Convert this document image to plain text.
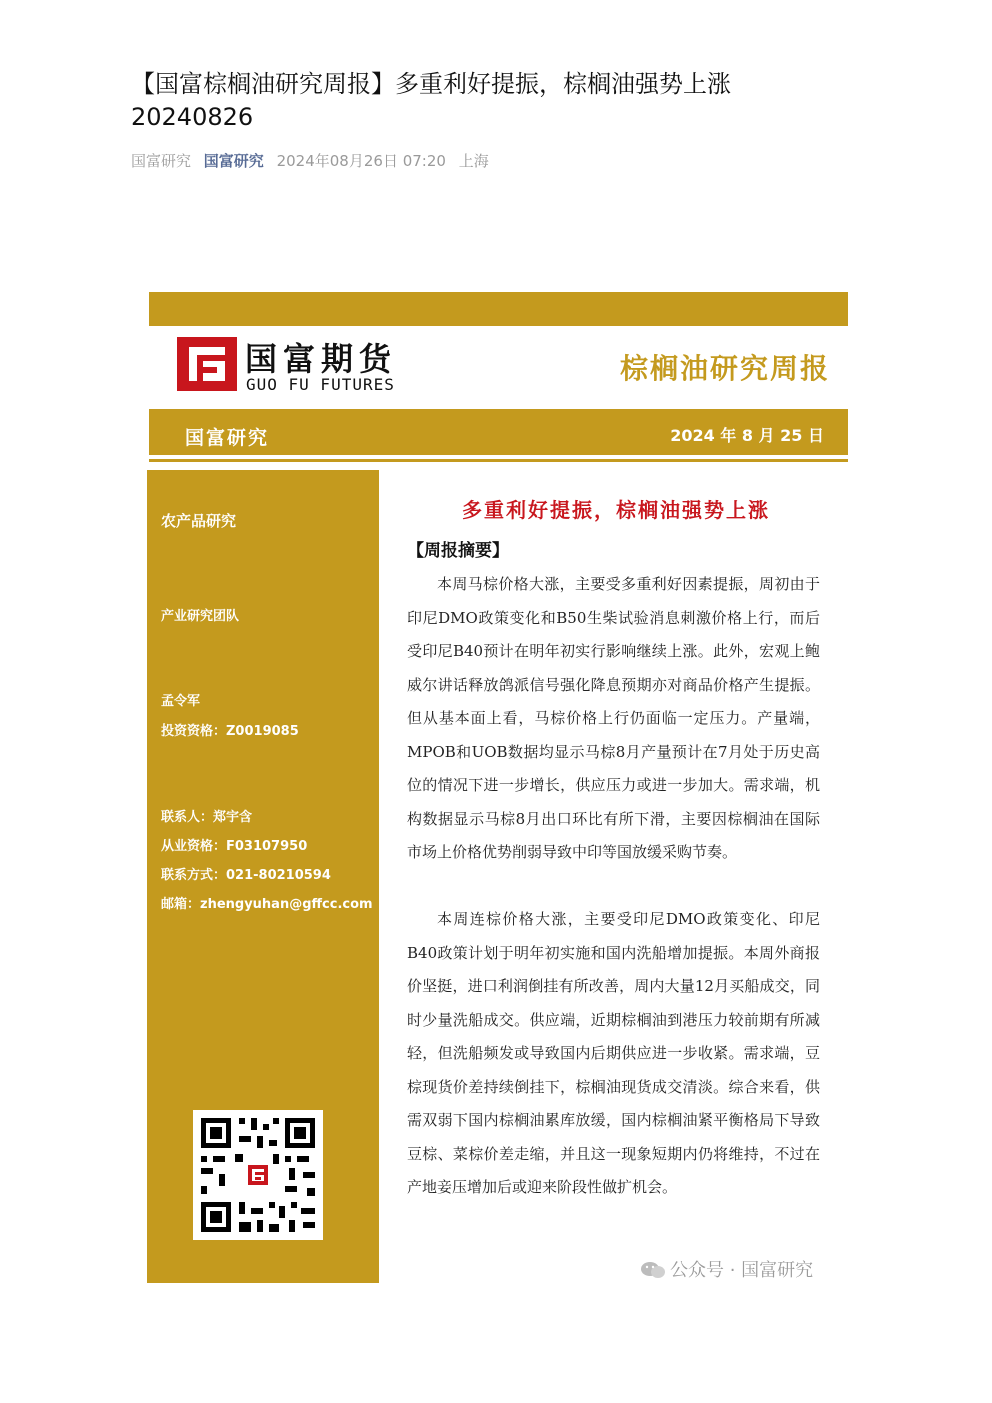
【国富棕榈油研究周报】多重利好提振，棕榈油强势上涨 20240826
国富研究 国富研究 2024年08月26日 07:20 上海
国富期货
GUO FU FUTURES	棕榈油研究周报
国富研究	2024 年 8 月 25 日
农产品研究
产业研究团队
孟令军
投资资格：Z0019085
联系人：郑宇含
从业资格：F03107950
联系方式：021-80210594
邮箱：zhengyuhan@gffcc.com
多重利好提振，棕榈油强势上涨
【周报摘要】

本周马棕价格大涨，主要受多重利好因素提振，周初由于印尼DMO政策变化和B50生柴试验消息刺激价格上行，而后受印尼B40预计在明年初实行影响继续上涨。此外，宏观上鲍威尔讲话释放鸽派信号强化降息预期亦对商品价格产生提振。但从基本面上看，马棕价格上行仍面临一定压力。产量端，MPOB和UOB数据均显示马棕8月产量预计在7月处于历史高位的情况下进一步增长，供应压力或进一步加大。需求端，机构数据显示马棕8月出口环比有所下滑，主要因棕榈油在国际市场上价格优势削弱导致中印等国放缓采购节奏。

本周连棕价格大涨，主要受印尼DMO政策变化、印尼B40政策计划于明年初实施和国内洗船增加提振。本周外商报价坚挺，进口利润倒挂有所改善，周内大量12月买船成交，同时少量洗船成交。供应端，近期棕榈油到港压力较前期有所减轻，但洗船频发或导致国内后期供应进一步收紧。需求端，豆棕现货价差持续倒挂下，棕榈油现货成交清淡。综合来看，供需双弱下国内棕榈油累库放缓，国内棕榈油紧平衡格局下导致豆棕、菜棕价差走缩，并且这一现象短期内仍将维持，不过在产地妾压增加后或迎来阶段性做扩机会。

公众号 · 国富研究
